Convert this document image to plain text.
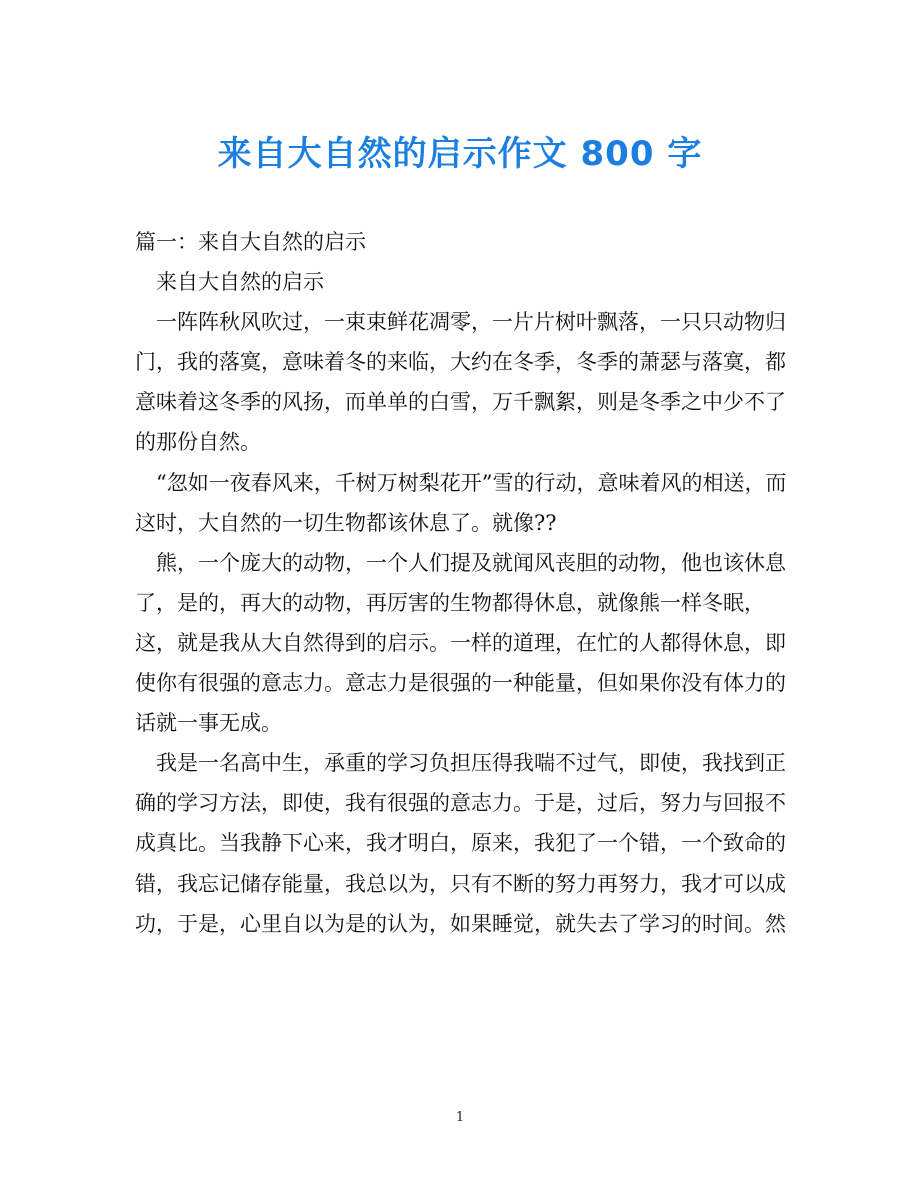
来自大自然的启示作文 800 字

篇一：来自大自然的启示

来自大自然的启示

一阵阵秋风吹过，一束束鲜花凋零，一片片树叶飘落，一只只动物归门，我的落寞，意味着冬的来临，大约在冬季，冬季的萧瑟与落寞，都意味着这冬季的风扬，而单单的白雪，万千飘絮，则是冬季之中少不了的那份自然。

“忽如一夜春风来，千树万树梨花开”雪的行动，意味着风的相送，而这时，大自然的一切生物都该休息了。就像??

熊，一个庞大的动物，一个人们提及就闻风丧胆的动物，他也该休息了，是的，再大的动物，再厉害的生物都得休息，就像熊一样冬眠，这，就是我从大自然得到的启示。一样的道理，在忙的人都得休息，即使你有很强的意志力。意志力是很强的一种能量，但如果你没有体力的话就一事无成。

我是一名高中生，承重的学习负担压得我喘不过气，即使，我找到正确的学习方法，即使，我有很强的意志力。于是，过后，努力与回报不成真比。当我静下心来，我才明白，原来，我犯了一个错，一个致命的错，我忘记储存能量，我总以为，只有不断的努力再努力，我才可以成功，于是，心里自以为是的认为，如果睡觉，就失去了学习的时间。然

1
